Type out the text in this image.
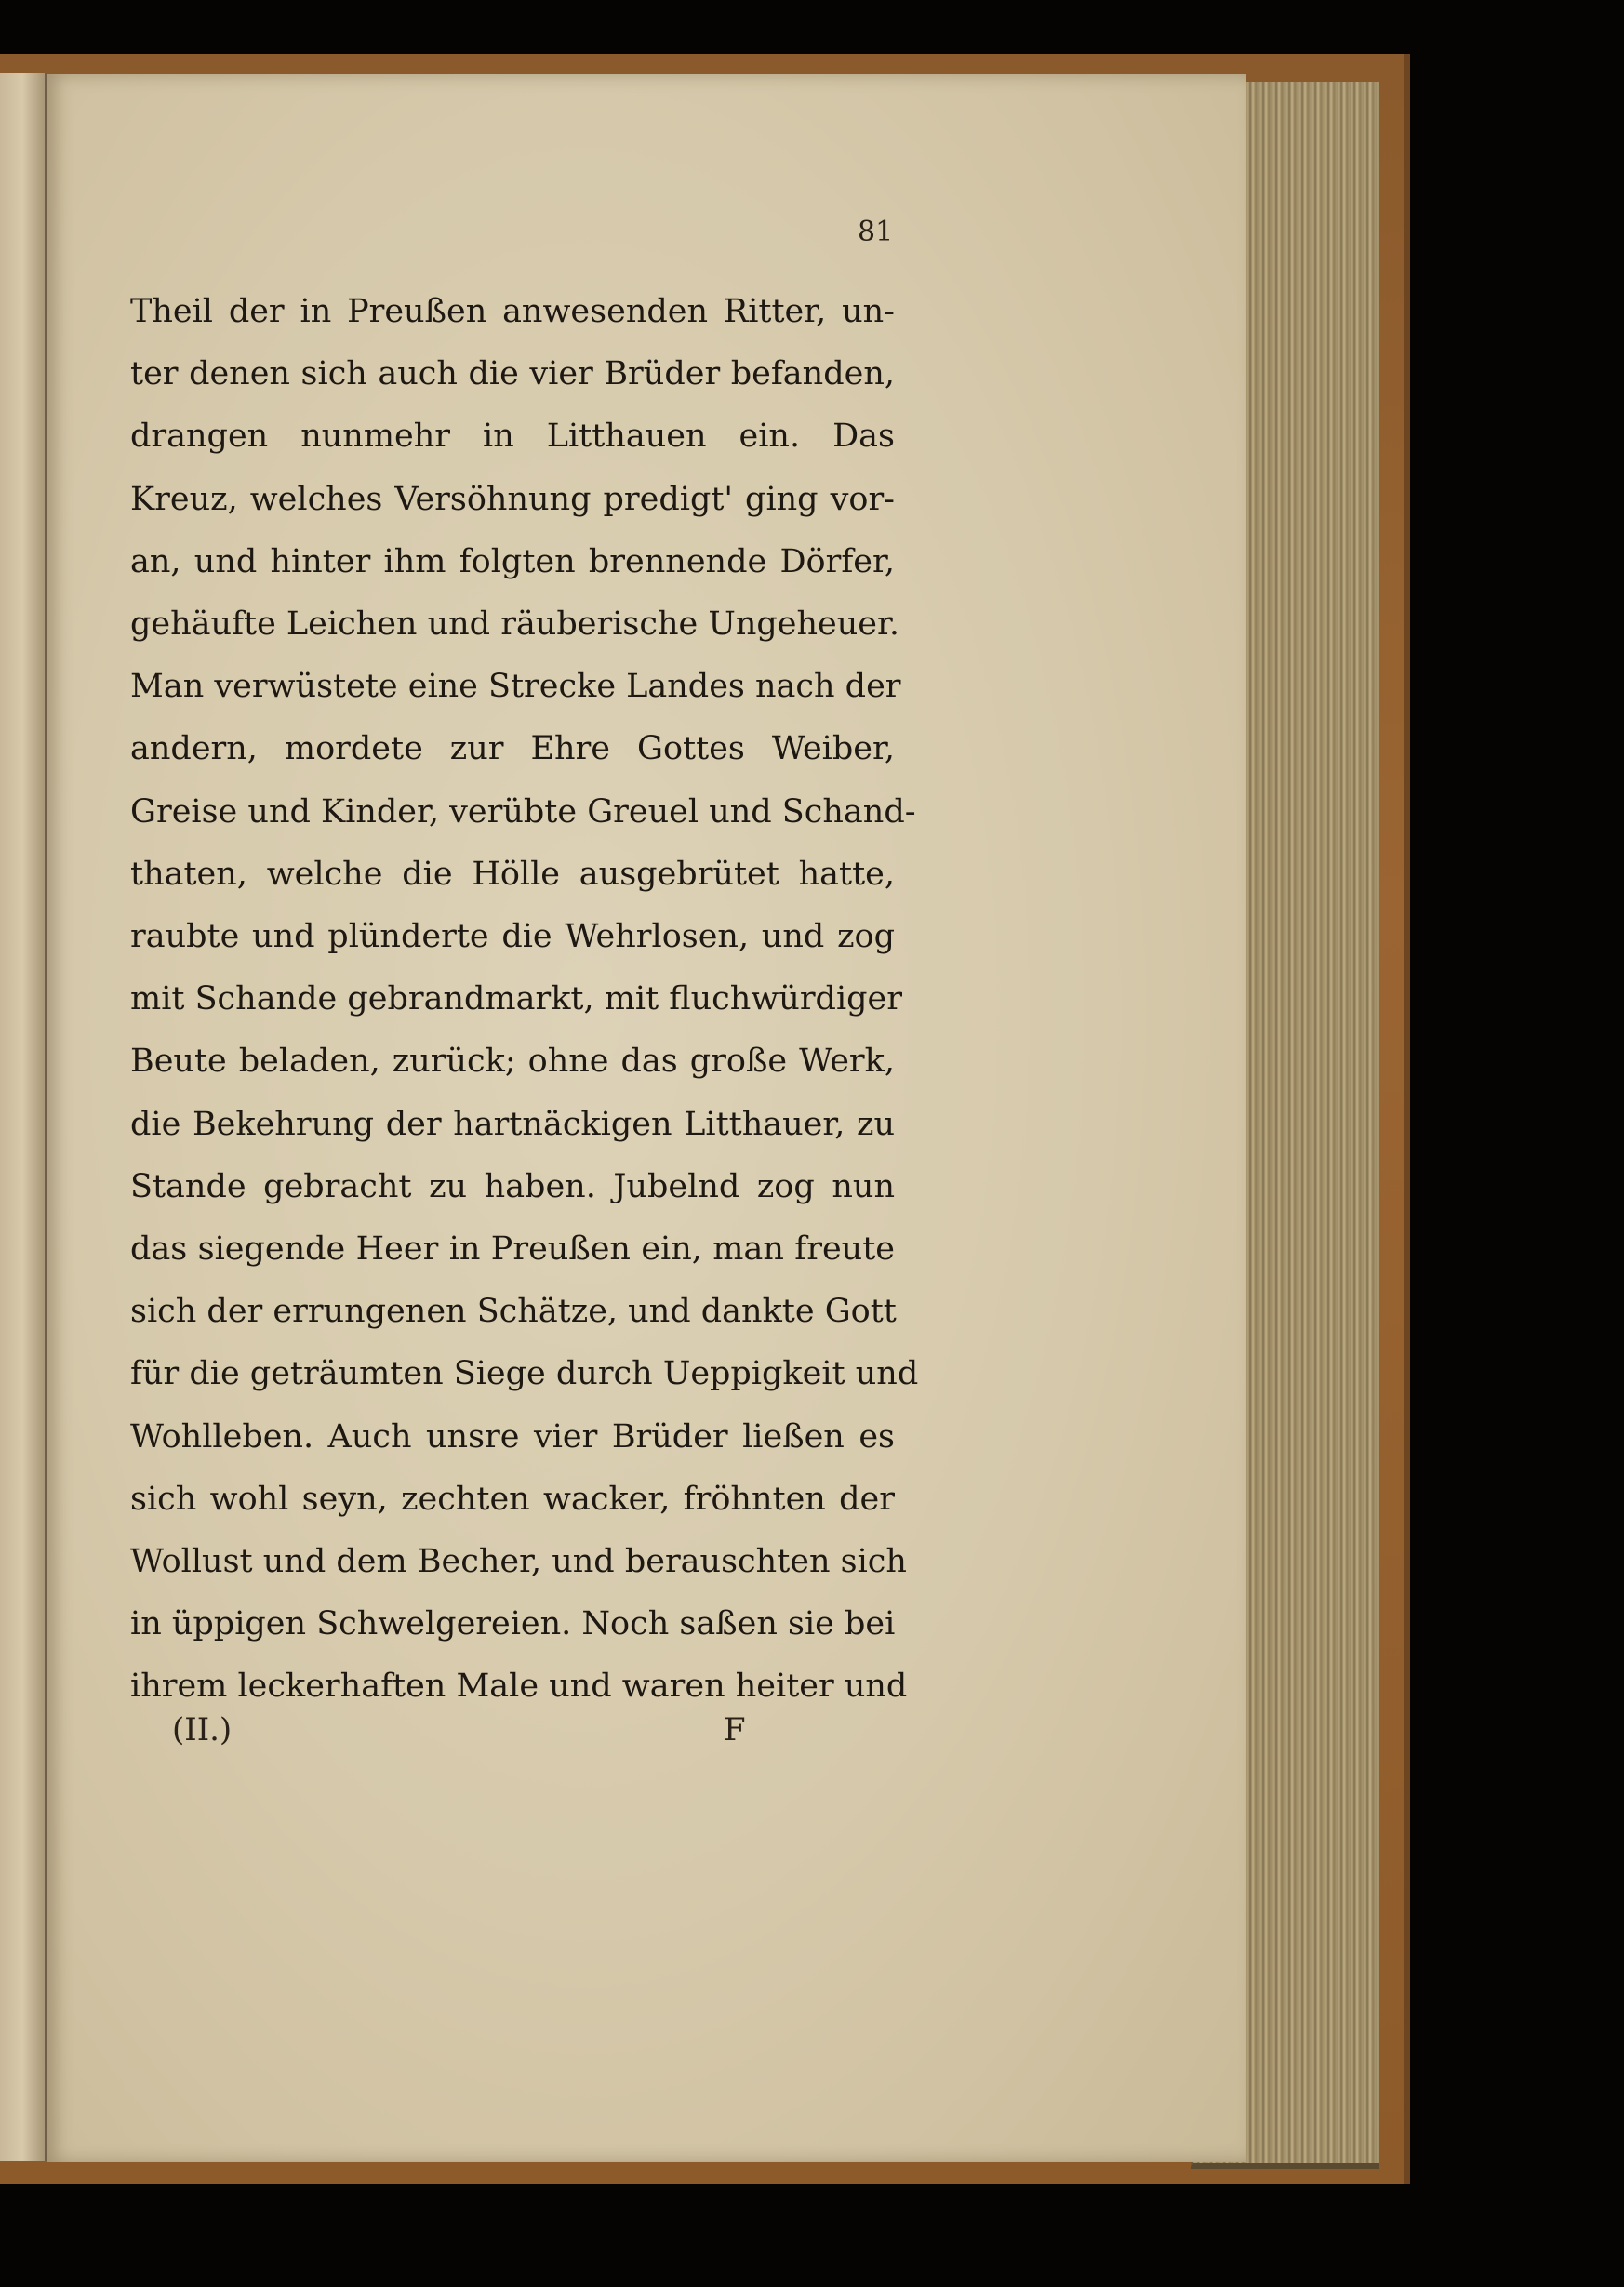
81
Theil der in Preußen anwesenden Ritter, un-
ter denen sich auch die vier Brüder befanden,
drangen nunmehr in Litthauen ein. Das
Kreuz, welches Versöhnung predigt' ging vor-
an, und hinter ihm folgten brennende Dörfer,
gehäufte Leichen und räuberische Ungeheuer.
Man verwüstete eine Strecke Landes nach der
andern, mordete zur Ehre Gottes Weiber,
Greise und Kinder, verübte Greuel und Schand-
thaten, welche die Hölle ausgebrütet hatte,
raubte und plünderte die Wehrlosen, und zog
mit Schande gebrandmarkt, mit fluchwürdiger
Beute beladen, zurück; ohne das große Werk,
die Bekehrung der hartnäckigen Litthauer, zu
Stande gebracht zu haben. Jubelnd zog nun
das siegende Heer in Preußen ein, man freute
sich der errungenen Schätze, und dankte Gott
für die geträumten Siege durch Ueppigkeit und
Wohlleben. Auch unsre vier Brüder ließen es
sich wohl seyn, zechten wacker, fröhnten der
Wollust und dem Becher, und berauschten sich
in üppigen Schwelgereien. Noch saßen sie bei
ihrem leckerhaften Male und waren heiter und
(II.)	F
